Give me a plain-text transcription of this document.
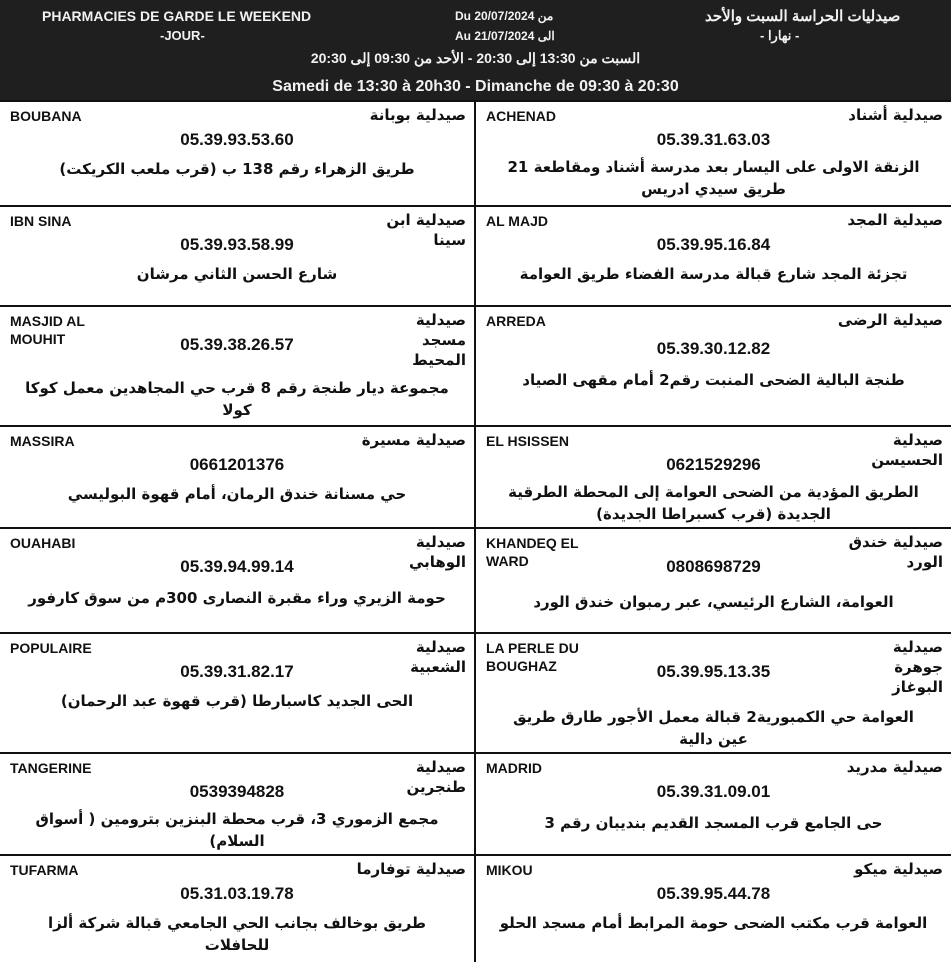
PHARMACIES DE GARDE LE WEEKEND
-JOUR-
Du 20/07/2024 من
Au 21/07/2024 الى
صيدليات الحراسة السبت والأحد
- نهارا -
السبت من 13:30 إلى 20:30 - الأحد من 09:30 إلى 20:30
Samedi de 13:30 à 20h30 - Dimanche de 09:30 à 20:30
BOUBANA	صيدلية بوبانة
05.39.93.53.60
طريق الزهراء رقم 138 ب (قرب ملعب الكريكت)
ACHENAD	صيدلية أشناد
05.39.31.63.03
الزنقة الاولى على اليسار بعد مدرسة أشناد ومقاطعة 21 طريق سيدي ادريس
IBN SINA	صيدلية ابن سينا
05.39.93.58.99
شارع الحسن الثاني مرشان
AL MAJD	صيدلية المجد
05.39.95.16.84
تجزئة المجد شارع قبالة مدرسة الفضاء طريق العوامة
MASJID AL MOUHIT
صيدلية مسجد المحيط
05.39.38.26.57
مجموعة ديار طنجة رقم 8 قرب حي المجاهدين معمل كوكا كولا
ARREDA	صيدلية الرضى
05.39.30.12.82
طنجة البالية الضحى المنبت رقم2 أمام مقهى الصياد
MASSIRA	صيدلية مسيرة
0661201376
حي مسنانة خندق الرمان، أمام قهوة البوليسي
EL HSISSEN	صيدلية الحسيسن
0621529296
الطريق المؤدية من الضحى العوامة إلى المحطة الطرقية الجديدة (قرب كسبراطا الجديدة)
OUAHABI	صيدلية الوهابي
05.39.94.99.14
حومة الزيري وراء مقبرة النصارى 300م من سوق كارفور
KHANDEQ EL WARD
صيدلية خندق الورد
0808698729
العوامة، الشارع الرئيسي، عبر رمبوان خندق الورد
POPULAIRE	صيدلية الشعبية
05.39.31.82.17
الحى الجديد كاسبارطا (قرب قهوة عبد الرحمان)
LA PERLE DU BOUGHAZ
صيدلية جوهرة البوغاز
05.39.95.13.35
العوامة حي الكمبورية2 قبالة معمل الأجور طارق طريق عين دالية
TANGERINE	صيدلية طنجرين
0539394828
مجمع الزموري 3، قرب محطة البنزين بترومين ( أسواق السلام)
MADRID	صيدلية مدريد
05.39.31.09.01
حى الجامع قرب المسجد القديم بنديبان رقم 3
TUFARMA	صيدلية توفارما
05.31.03.19.78
طريق بوخالف بجانب الحي الجامعي قبالة شركة ألزا للحافلات
MIKOU	صيدلية ميكو
05.39.95.44.78
العوامة قرب مكتب الضحى حومة المرابط أمام مسجد الحلو
